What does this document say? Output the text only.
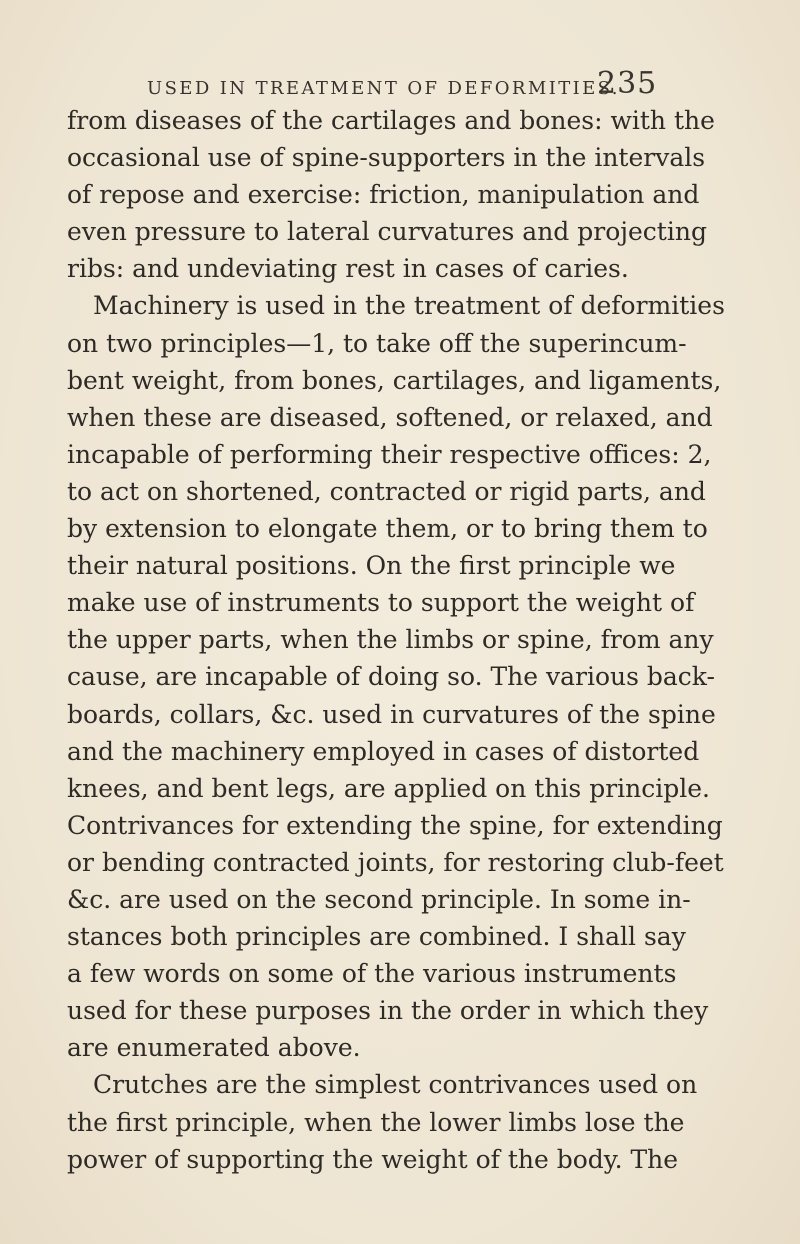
USED IN TREATMENT OF DEFORMITIES.
235
from diseases of the cartilages and bones: with the
occasional use of spine-supporters in the intervals
of repose and exercise: friction, manipulation and
even pressure to lateral curvatures and projecting
ribs: and undeviating rest in cases of caries.
Machinery is used in the treatment of deformities
on two principles—1, to take off the superincum-
bent weight, from bones, cartilages, and ligaments,
when these are diseased, softened, or relaxed, and
incapable of performing their respective offices: 2,
to act on shortened, contracted or rigid parts, and
by extension to elongate them, or to bring them to
their natural positions. On the first principle we
make use of instruments to support the weight of
the upper parts, when the limbs or spine, from any
cause, are incapable of doing so. The various back-
boards, collars, &c. used in curvatures of the spine
and the machinery employed in cases of distorted
knees, and bent legs, are applied on this principle.
Contrivances for extending the spine, for extending
or bending contracted joints, for restoring club-feet
&c. are used on the second principle. In some in-
stances both principles are combined. I shall say
a few words on some of the various instruments
used for these purposes in the order in which they
are enumerated above.
Crutches are the simplest contrivances used on
the first principle, when the lower limbs lose the
power of supporting the weight of the body. The
